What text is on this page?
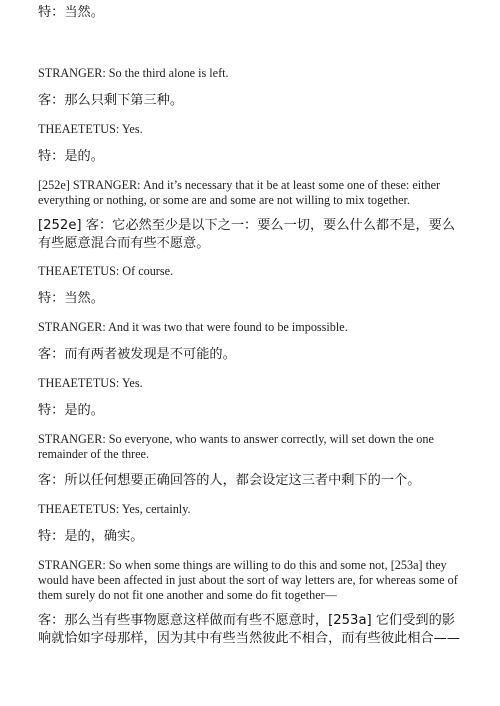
特：当然。

STRANGER: So the third alone is left.

客：那么只剩下第三种。

THEAETETUS: Yes.

特：是的。

[252e] STRANGER: And it’s necessary that it be at least some one of these: either everything or nothing, or some are and some are not willing to mix together.

[252e] 客：它必然至少是以下之一：要么一切，要么什么都不是，要么有些愿意混合而有些不愿意。

THEAETETUS: Of course.

特：当然。

STRANGER: And it was two that were found to be impossible.

客：而有两者被发现是不可能的。

THEAETETUS: Yes.

特：是的。

STRANGER: So everyone, who wants to answer correctly, will set down the one remainder of the three.

客：所以任何想要正确回答的人，都会设定这三者中剩下的一个。

THEAETETUS: Yes, certainly.

特：是的，确实。

STRANGER: So when some things are willing to do this and some not, [253a] they would have been affected in just about the sort of way letters are, for whereas some of them surely do not fit one another and some do fit together—

客：那么当有些事物愿意这样做而有些不愿意时，[253a] 它们受到的影响就恰如字母那样，因为其中有些当然彼此不相合，而有些彼此相合——
